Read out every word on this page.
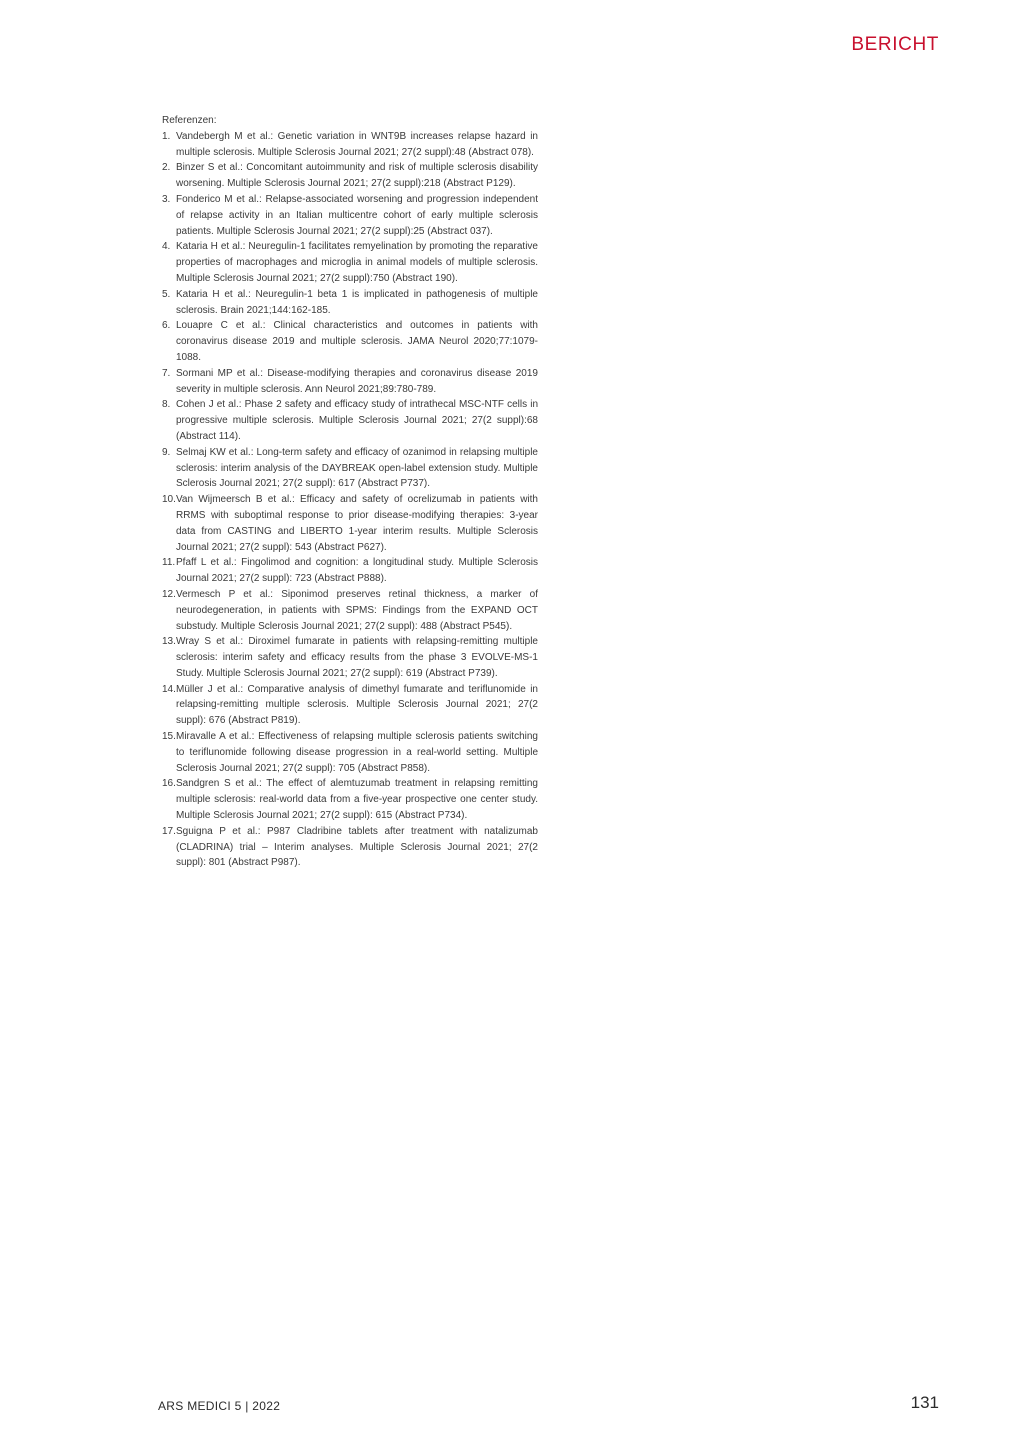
BERICHT
Referenzen:
1. Vandebergh M et al.: Genetic variation in WNT9B increases relapse hazard in multiple sclerosis. Multiple Sclerosis Journal 2021; 27(2 suppl):48 (Abstract 078).
2. Binzer S et al.: Concomitant autoimmunity and risk of multiple sclerosis disability worsening. Multiple Sclerosis Journal 2021; 27(2 suppl):218 (Abstract P129).
3. Fonderico M et al.: Relapse-associated worsening and progression independent of relapse activity in an Italian multicentre cohort of early multiple sclerosis patients. Multiple Sclerosis Journal 2021; 27(2 suppl):25 (Abstract 037).
4. Kataria H et al.: Neuregulin-1 facilitates remyelination by promoting the reparative properties of macrophages and microglia in animal models of multiple sclerosis. Multiple Sclerosis Journal 2021; 27(2 suppl):750 (Abstract 190).
5. Kataria H et al.: Neuregulin-1 beta 1 is implicated in pathogenesis of multiple sclerosis. Brain 2021;144:162-185.
6. Louapre C et al.: Clinical characteristics and outcomes in patients with coronavirus disease 2019 and multiple sclerosis. JAMA Neurol 2020;77:1079-1088.
7. Sormani MP et al.: Disease-modifying therapies and coronavirus disease 2019 severity in multiple sclerosis. Ann Neurol 2021;89:780-789.
8. Cohen J et al.: Phase 2 safety and efficacy study of intrathecal MSC-NTF cells in progressive multiple sclerosis. Multiple Sclerosis Journal 2021; 27(2 suppl):68 (Abstract 114).
9. Selmaj KW et al.: Long-term safety and efficacy of ozanimod in relapsing multiple sclerosis: interim analysis of the DAYBREAK open-label extension study. Multiple Sclerosis Journal 2021; 27(2 suppl): 617 (Abstract P737).
10. Van Wijmeersch B et al.: Efficacy and safety of ocrelizumab in patients with RRMS with suboptimal response to prior disease-modifying therapies: 3-year data from CASTING and LIBERTO 1-year interim results. Multiple Sclerosis Journal 2021; 27(2 suppl): 543 (Abstract P627).
11. Pfaff L et al.: Fingolimod and cognition: a longitudinal study. Multiple Sclerosis Journal 2021; 27(2 suppl): 723 (Abstract P888).
12. Vermesch P et al.: Siponimod preserves retinal thickness, a marker of neurodegeneration, in patients with SPMS: Findings from the EXPAND OCT substudy. Multiple Sclerosis Journal 2021; 27(2 suppl): 488 (Abstract P545).
13. Wray S et al.: Diroximel fumarate in patients with relapsing-remitting multiple sclerosis: interim safety and efficacy results from the phase 3 EVOLVE-MS-1 Study. Multiple Sclerosis Journal 2021; 27(2 suppl): 619 (Abstract P739).
14. Müller J et al.: Comparative analysis of dimethyl fumarate and teriflunomide in relapsing-remitting multiple sclerosis. Multiple Sclerosis Journal 2021; 27(2 suppl): 676 (Abstract P819).
15. Miravalle A et al.: Effectiveness of relapsing multiple sclerosis patients switching to teriflunomide following disease progression in a real-world setting. Multiple Sclerosis Journal 2021; 27(2 suppl): 705 (Abstract P858).
16. Sandgren S et al.: The effect of alemtuzumab treatment in relapsing remitting multiple sclerosis: real-world data from a five-year prospective one center study. Multiple Sclerosis Journal 2021; 27(2 suppl): 615 (Abstract P734).
17. Sguigna P et al.: P987 Cladribine tablets after treatment with natalizumab (CLADRINA) trial – Interim analyses. Multiple Sclerosis Journal 2021; 27(2 suppl): 801 (Abstract P987).
ARS MEDICI 5 | 2022	131
